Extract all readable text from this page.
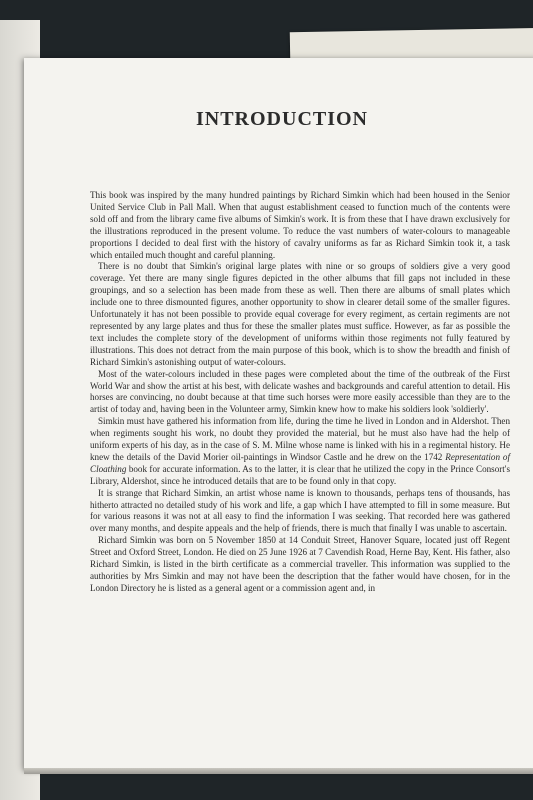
INTRODUCTION

This book was inspired by the many hundred paintings by Richard Simkin which had been housed in the Senior United Service Club in Pall Mall. When that august establishment ceased to function much of the contents were sold off and from the library came five albums of Simkin's work. It is from these that I have drawn exclusively for the illustrations reproduced in the present volume. To reduce the vast numbers of water-colours to manageable proportions I decided to deal first with the history of cavalry uniforms as far as Richard Simkin took it, a task which entailed much thought and careful planning.

There is no doubt that Simkin's original large plates with nine or so groups of soldiers give a very good coverage. Yet there are many single figures depicted in the other albums that fill gaps not included in these groupings, and so a selection has been made from these as well. Then there are albums of small plates which include one to three dismounted figures, another opportunity to show in clearer detail some of the smaller figures. Unfortunately it has not been possible to provide equal coverage for every regiment, as certain regiments are not represented by any large plates and thus for these the smaller plates must suffice. However, as far as possible the text includes the complete story of the development of uniforms within those regiments not fully featured by illustrations. This does not detract from the main purpose of this book, which is to show the breadth and finish of Richard Simkin's astonishing output of water-colours.

Most of the water-colours included in these pages were completed about the time of the outbreak of the First World War and show the artist at his best, with delicate washes and backgrounds and careful attention to detail. His horses are convincing, no doubt because at that time such horses were more easily accessible than they are to the artist of today and, having been in the Volunteer army, Simkin knew how to make his soldiers look 'soldierly'.

Simkin must have gathered his information from life, during the time he lived in London and in Aldershot. Then when regiments sought his work, no doubt they provided the material, but he must also have had the help of uniform experts of his day, as in the case of S. M. Milne whose name is linked with his in a regimental history. He knew the details of the David Morier oil-paintings in Windsor Castle and he drew on the 1742 Representation of Cloathing book for accurate information. As to the latter, it is clear that he utilized the copy in the Prince Consort's Library, Aldershot, since he introduced details that are to be found only in that copy.

It is strange that Richard Simkin, an artist whose name is known to thousands, perhaps tens of thousands, has hitherto attracted no detailed study of his work and life, a gap which I have attempted to fill in some measure. But for various reasons it was not at all easy to find the information I was seeking. That recorded here was gathered over many months, and despite appeals and the help of friends, there is much that finally I was unable to ascertain.

Richard Simkin was born on 5 November 1850 at 14 Conduit Street, Hanover Square, located just off Regent Street and Oxford Street, London. He died on 25 June 1926 at 7 Cavendish Road, Herne Bay, Kent. His father, also Richard Simkin, is listed in the birth certificate as a commercial traveller. This information was supplied to the authorities by Mrs Simkin and may not have been the description that the father would have chosen, for in the London Directory he is listed as a general agent or a commission agent and, in
